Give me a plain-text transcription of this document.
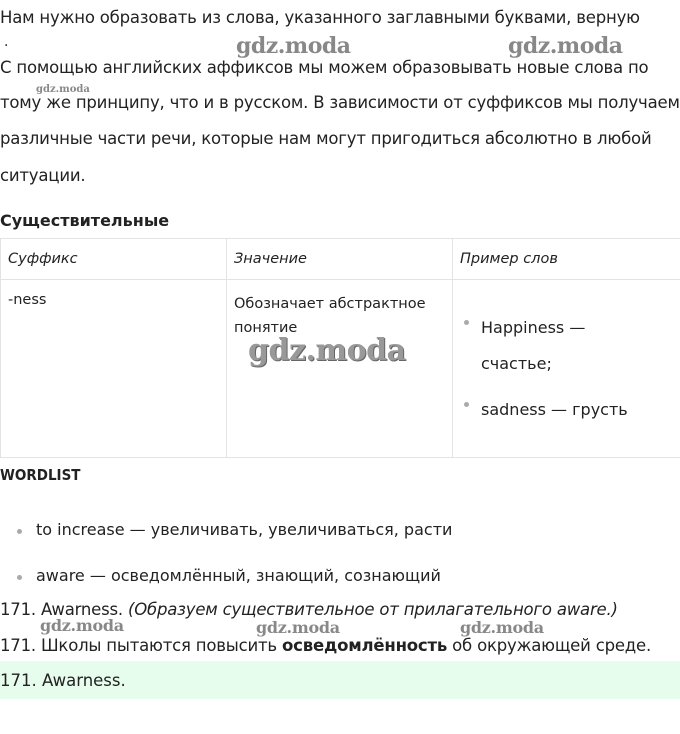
Нам нужно образовать из слова, указанного заглавными буквами, верную
.
С помощью английских аффиксов мы можем образовывать новые слова по
тому же принципу, что и в русском. В зависимости от суффиксов мы получаем
различные части речи, которые нам могут пригодиться абсолютно в любой
ситуации.
gdz.moda	gdz.moda
gdz.moda
Существительные
Суффикс	Значение	Пример слов
-ness	Обозначает абстрактное понятие	Happiness — счастье;
sadness — грусть
gdz.moda
WORDLIST
to increase — увеличивать, увеличиваться, расти
aware — осведомлённый, знающий, сознающий
171. Awarness. (Образуем существительное от прилагательного aware.)
gdz.moda	gdz.moda	gdz.moda
171. Школы пытаются повысить осведомлённость об окружающей среде.
171. Awarness.
